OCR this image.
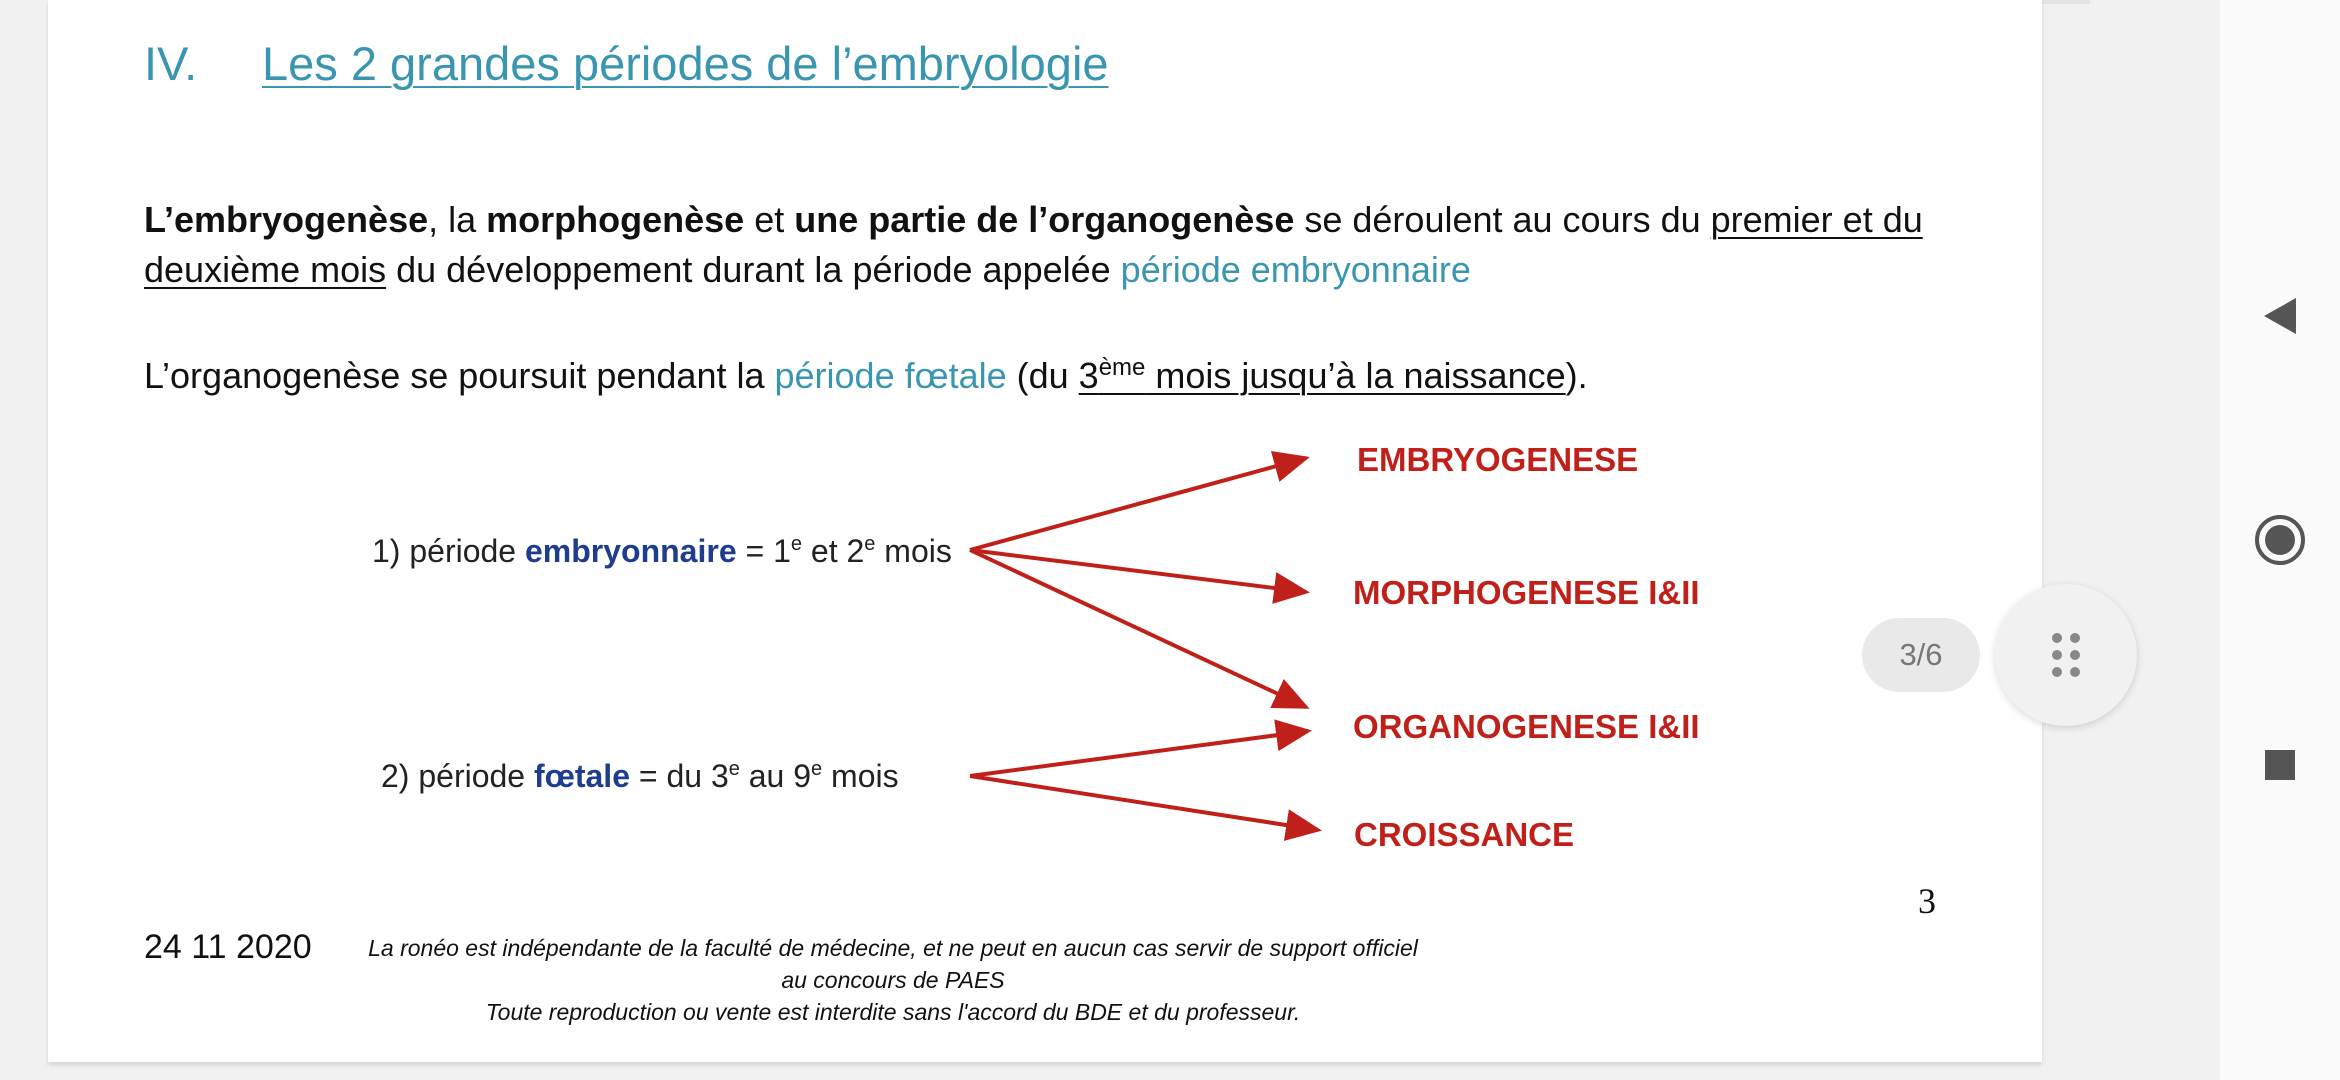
IV. Les 2 grandes périodes de l’embryologie
L’embryogenèse, la morphogenèse et une partie de l’organogenèse se déroulent au cours du premier et du deuxième mois du développement durant la période appelée période embryonnaire
L’organogenèse se poursuit pendant la période fœtale (du 3ème mois jusqu’à la naissance).
1) période embryonnaire = $1^e$ et 2e mois
2) période fœtale = du 3e au 9e mois
EMBRYOGENESE
MORPHOGENESE I&II
ORGANOGENESE I&II
CROISSANCE
3
24 11 2020 La ronéo est indépendante de la faculté de médecine, et ne peut en aucun cas servir de support officiel au concours de PAES
Toute reproduction ou vente est interdite sans l'accord du BDE et du professeur.
3/6
